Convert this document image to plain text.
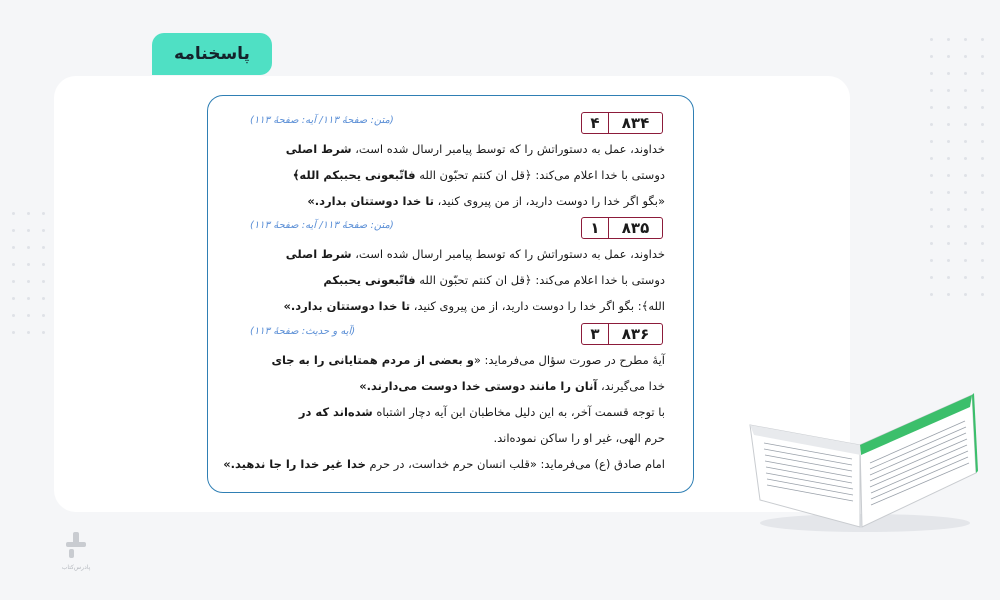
پاسخنامه
۸۳۴
۴
(متن: صفحهٔ ۱۱۳/ آیه: صفحهٔ ۱۱۳)

خداوند، عمل به دستوراتش را که توسط پیامبر ارسال شده است، شرط اصلی

دوستی با خدا اعلام می‌کند: ﴿قل ان کنتم تحبّون الله فاتّبعونی یحببکم الله﴾

«بگو اگر خدا را دوست دارید، از من پیروی کنید، تا خدا دوستتان بدارد.»

۸۳۵
۱
(متن: صفحهٔ ۱۱۳/ آیه: صفحهٔ ۱۱۳)

خداوند، عمل به دستوراتش را که توسط پیامبر ارسال شده است، شرط اصلی

دوستی با خدا اعلام می‌کند: ﴿قل ان کنتم تحبّون الله فاتّبعونی یحببکم

الله﴾: بگو اگر خدا را دوست دارید، از من پیروی کنید، تا خدا دوستتان بدارد.»

۸۳۶
۳
(آیه و حدیث: صفحهٔ ۱۱۳)

آیهٔ مطرح در صورت سؤال می‌فرماید: «و بعضی از مردم همتایانی را به جای

خدا می‌گیرند، آنان را مانند دوستی خدا دوست می‌دارند.»

با توجه قسمت آخر، به این دلیل مخاطبان این آیه دچار اشتباه شده‌اند که در

حرم الهی، غیر او را ساکن نموده‌اند.

امام صادق (ع) می‌فرماید: «قلب انسان حرم خداست، در حرم خدا غیر خدا را جا ندهید.»

پادرس‌کتاب
